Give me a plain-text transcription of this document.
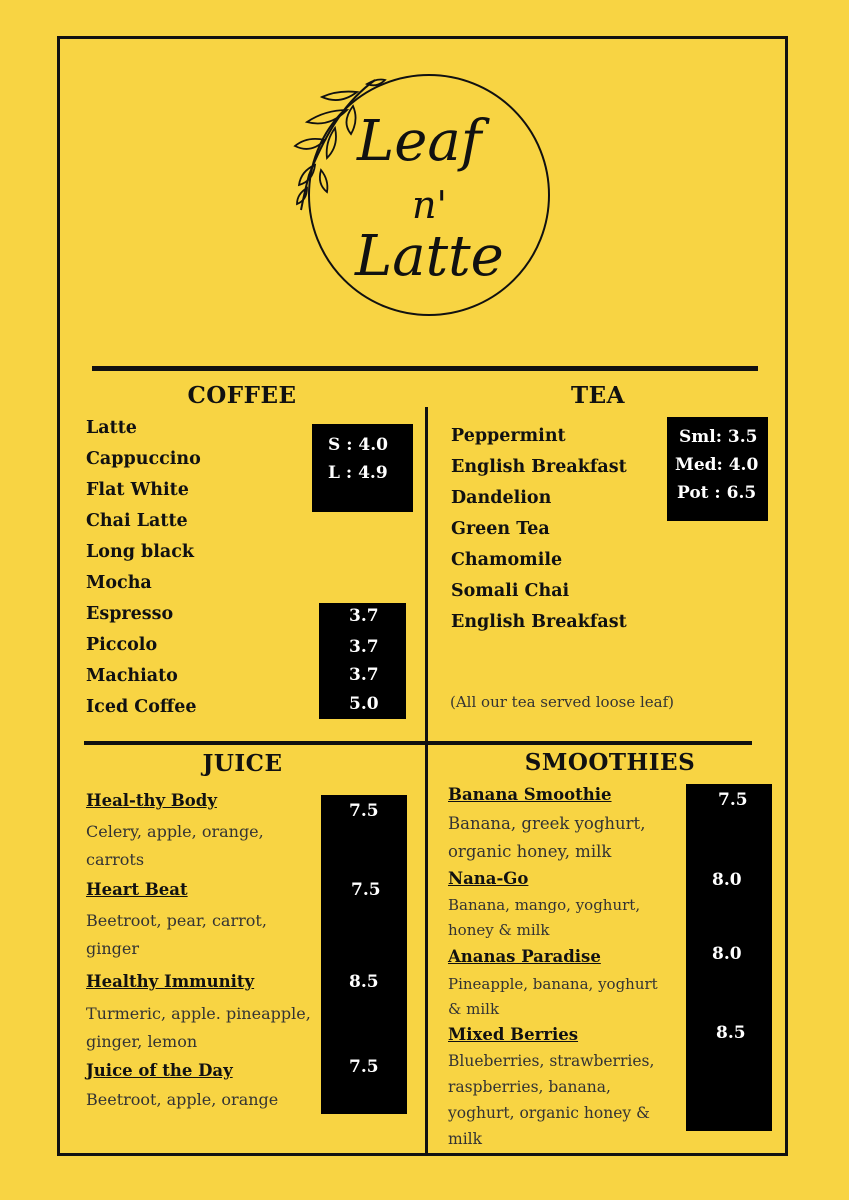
Leaf
n'
Latte
COFFEE
Latte
Cappuccino
Flat White
Chai Latte
Long black
Mocha
Espresso
Piccolo
Machiato
Iced Coffee
S : 4.0
L : 4.9
3.7
3.7
3.7
5.0
TEA
Peppermint
English Breakfast
Dandelion
Green Tea
Chamomile
Somali Chai
English Breakfast
Sml: 3.5
Med: 4.0
Pot : 6.5
(All our tea served loose leaf)
JUICE
7.5
7.5
8.5
7.5
Heal-thy Body
Celery, apple, orange,
carrots
Heart Beat
Beetroot, pear, carrot,
ginger
Healthy Immunity
Turmeric, apple. pineapple,
ginger, lemon
Juice of the Day
Beetroot, apple, orange
SMOOTHIES
7.5
8.0
8.0
8.5
Banana Smoothie
Banana, greek yoghurt,
organic honey, milk
Nana-Go
Banana, mango, yoghurt,
honey & milk
Ananas Paradise
Pineapple, banana, yoghurt
& milk
Mixed Berries
Blueberries, strawberries,
raspberries, banana,
yoghurt, organic honey &
milk
